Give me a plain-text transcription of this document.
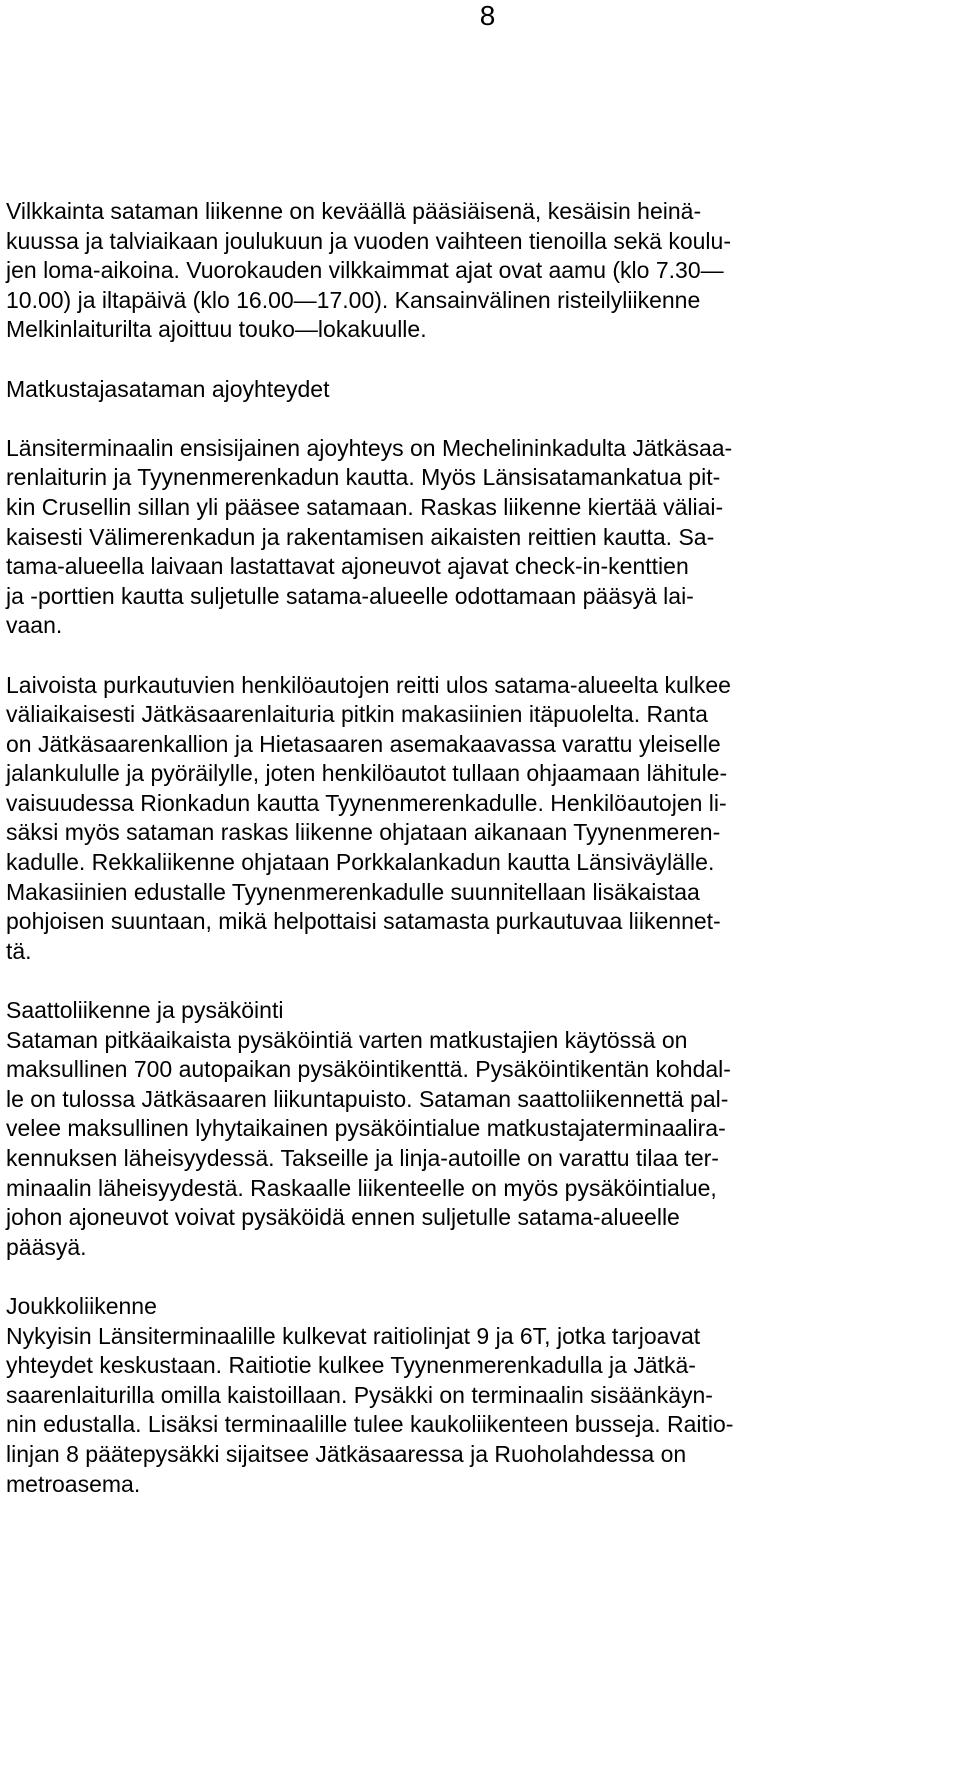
8
Vilkkainta sataman liikenne on keväällä pääsiäisenä, kesäisin heinä-
kuussa ja talviaikaan joulukuun ja vuoden vaihteen tienoilla sekä koulu-
jen loma-aikoina. Vuorokauden vilkkaimmat ajat ovat aamu (klo 7.30—
10.00) ja iltapäivä (klo 16.00—17.00). Kansainvälinen risteilyliikenne
Melkinlaiturilta ajoittuu touko—lokakuulle.
Matkustajasataman ajoyhteydet
Länsiterminaalin ensisijainen ajoyhteys on Mechelininkadulta Jätkäsaa-
renlaiturin ja Tyynenmerenkadun kautta. Myös Länsisatamankatua pit-
kin Crusellin sillan yli pääsee satamaan. Raskas liikenne kiertää väliai-
kaisesti Välimerenkadun ja rakentamisen aikaisten reittien kautta. Sa-
tama-alueella laivaan lastattavat ajoneuvot ajavat check-in-kenttien
ja -porttien kautta suljetulle satama-alueelle odottamaan pääsyä lai-
vaan.
Laivoista purkautuvien henkilöautojen reitti ulos satama-alueelta kulkee
väliaikaisesti Jätkäsaarenlaituria pitkin makasiinien itäpuolelta. Ranta
on Jätkäsaarenkallion ja Hietasaaren asemakaavassa varattu yleiselle
jalankululle ja pyöräilylle, joten henkilöautot tullaan ohjaamaan lähitule-
vaisuudessa Rionkadun kautta Tyynenmerenkadulle. Henkilöautojen li-
säksi myös sataman raskas liikenne ohjataan aikanaan Tyynenmeren-
kadulle. Rekkaliikenne ohjataan Porkkalankadun kautta Länsiväylälle.
Makasiinien edustalle Tyynenmerenkadulle suunnitellaan lisäkaistaa
pohjoisen suuntaan, mikä helpottaisi satamasta purkautuvaa liikennet-
tä.
Saattoliikenne ja pysäköinti
Sataman pitkäaikaista pysäköintiä varten matkustajien käytössä on
maksullinen 700 autopaikan pysäköintikenttä. Pysäköintikentän kohdal-
le on tulossa Jätkäsaaren liikuntapuisto. Sataman saattoliikennettä pal-
velee maksullinen lyhytaikainen pysäköintialue matkustajaterminaalira-
kennuksen läheisyydessä. Takseille ja linja-autoille on varattu tilaa ter-
minaalin läheisyydestä. Raskaalle liikenteelle on myös pysäköintialue,
johon ajoneuvot voivat pysäköidä ennen suljetulle satama-alueelle
pääsyä.
Joukkoliikenne
Nykyisin Länsiterminaalille kulkevat raitiolinjat 9 ja 6T, jotka tarjoavat
yhteydet keskustaan. Raitiotie kulkee Tyynenmerenkadulla ja Jätkä-
saarenlaiturilla omilla kaistoillaan. Pysäkki on terminaalin sisäänkäyn-
nin edustalla. Lisäksi terminaalille tulee kaukoliikenteen busseja. Raitio-
linjan 8 päätepysäkki sijaitsee Jätkäsaaressa ja Ruoholahdessa on
metroasema.
